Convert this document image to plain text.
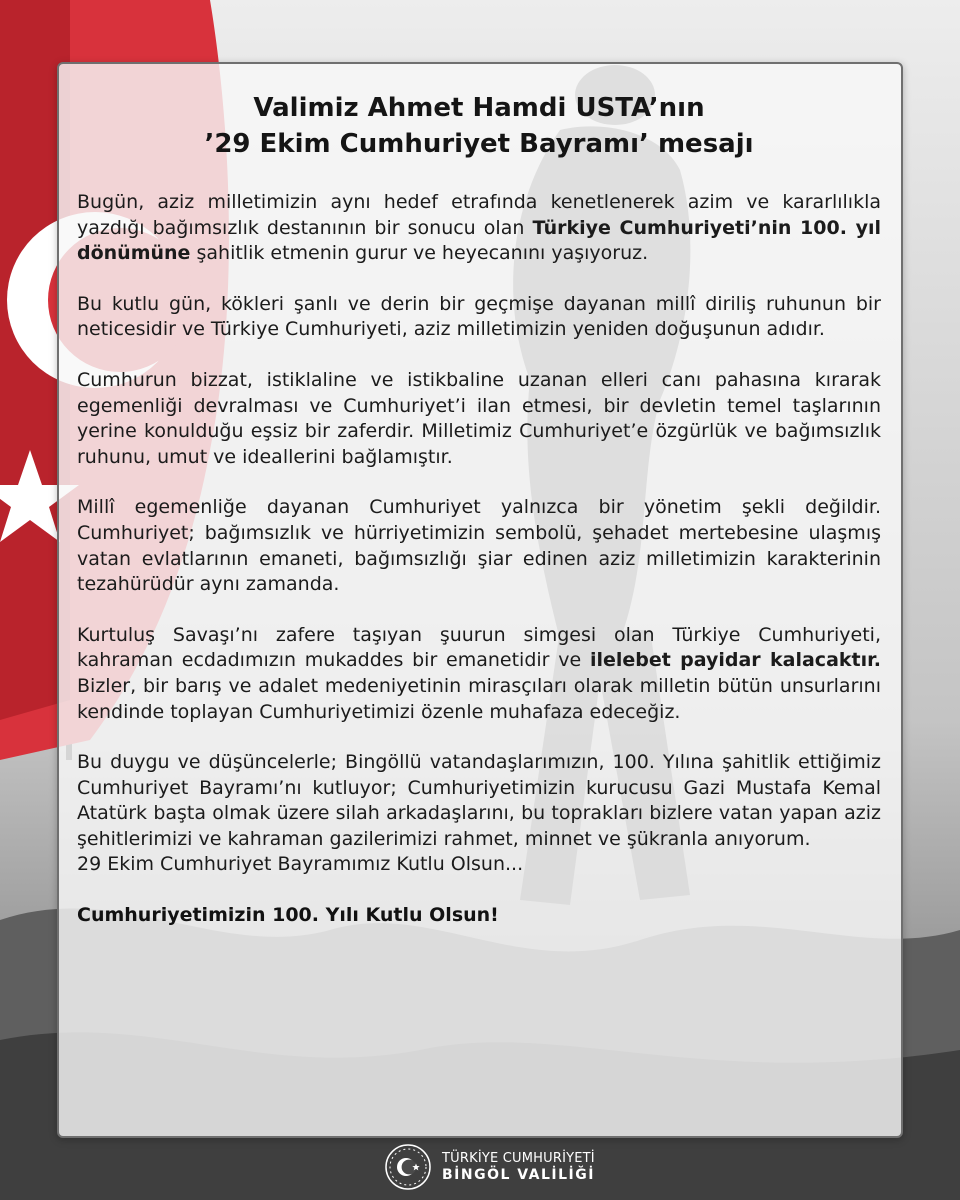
Valimiz Ahmet Hamdi USTA’nın
’29 Ekim Cumhuriyet Bayramı’ mesajı

Bugün, aziz milletimizin aynı hedef etrafında kenetlenerek azim ve kararlılıkla yazdığı bağımsızlık destanının bir sonucu olan Türkiye Cumhuriyeti’nin 100. yıl dönümüne şahitlik etmenin gurur ve heyecanını yaşıyoruz.

Bu kutlu gün, kökleri şanlı ve derin bir geçmişe dayanan millî diriliş ruhunun bir neticesidir ve Türkiye Cumhuriyeti, aziz milletimizin yeniden doğuşunun adıdır.

Cumhurun bizzat, istiklaline ve istikbaline uzanan elleri canı pahasına kırarak egemenliği devralması ve Cumhuriyet’i ilan etmesi, bir devletin temel taşlarının yerine konulduğu eşsiz bir zaferdir. Milletimiz Cumhuriyet’e özgürlük ve bağımsızlık ruhunu, umut ve ideallerini bağlamıştır.

Millî egemenliğe dayanan Cumhuriyet yalnızca bir yönetim şekli değildir. Cumhuriyet; bağımsızlık ve hürriyetimizin sembolü, şehadet mertebesine ulaşmış vatan evlatlarının emaneti, bağımsızlığı şiar edinen aziz milletimizin karakterinin tezahürüdür aynı zamanda.

Kurtuluş Savaşı’nı zafere taşıyan şuurun simgesi olan Türkiye Cumhuriyeti, kahraman ecdadımızın mukaddes bir emanetidir ve ilelebet payidar kalacaktır. Bizler, bir barış ve adalet medeniyetinin mirasçıları olarak milletin bütün unsurlarını kendinde toplayan Cumhuriyetimizi özenle muhafaza edeceğiz.

Bu duygu ve düşüncelerle; Bingöllü vatandaşlarımızın, 100. Yılına şahitlik ettiğimiz Cumhuriyet Bayramı’nı kutluyor; Cumhuriyetimizin kurucusu Gazi Mustafa Kemal Atatürk başta olmak üzere silah arkadaşlarını, bu toprakları bizlere vatan yapan aziz şehitlerimizi ve kahraman gazilerimizi rahmet, minnet ve şükranla anıyorum.
29 Ekim Cumhuriyet Bayramımız Kutlu Olsun...

Cumhuriyetimizin 100. Yılı Kutlu Olsun!

TÜRKİYE CUMHURİYETİ
BİNGÖL VALİLİĞİ
